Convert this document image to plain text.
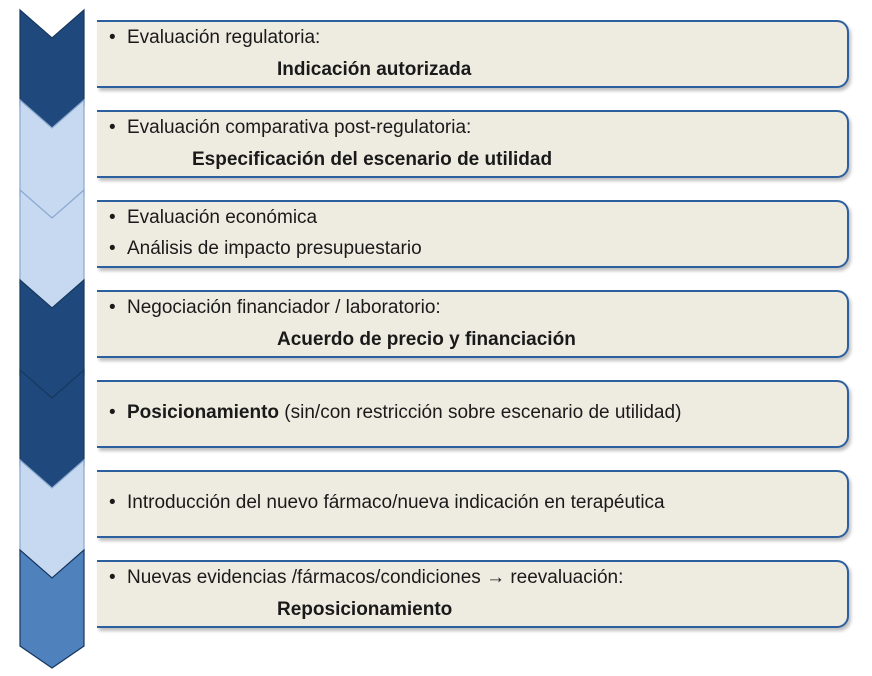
• Evaluación regulatoria:
Indicación autorizada
• Evaluación comparativa post-regulatoria:
Especificación del escenario de utilidad
• Evaluación económica
• Análisis de impacto presupuestario
• Negociación financiador / laboratorio:
Acuerdo de precio y financiación
• Posicionamiento (sin/con restricción sobre escenario de utilidad)
• Introducción del nuevo fármaco/nueva indicación en terapéutica
• Nuevas evidencias /fármacos/condiciones → reevaluación:
Reposicionamiento
